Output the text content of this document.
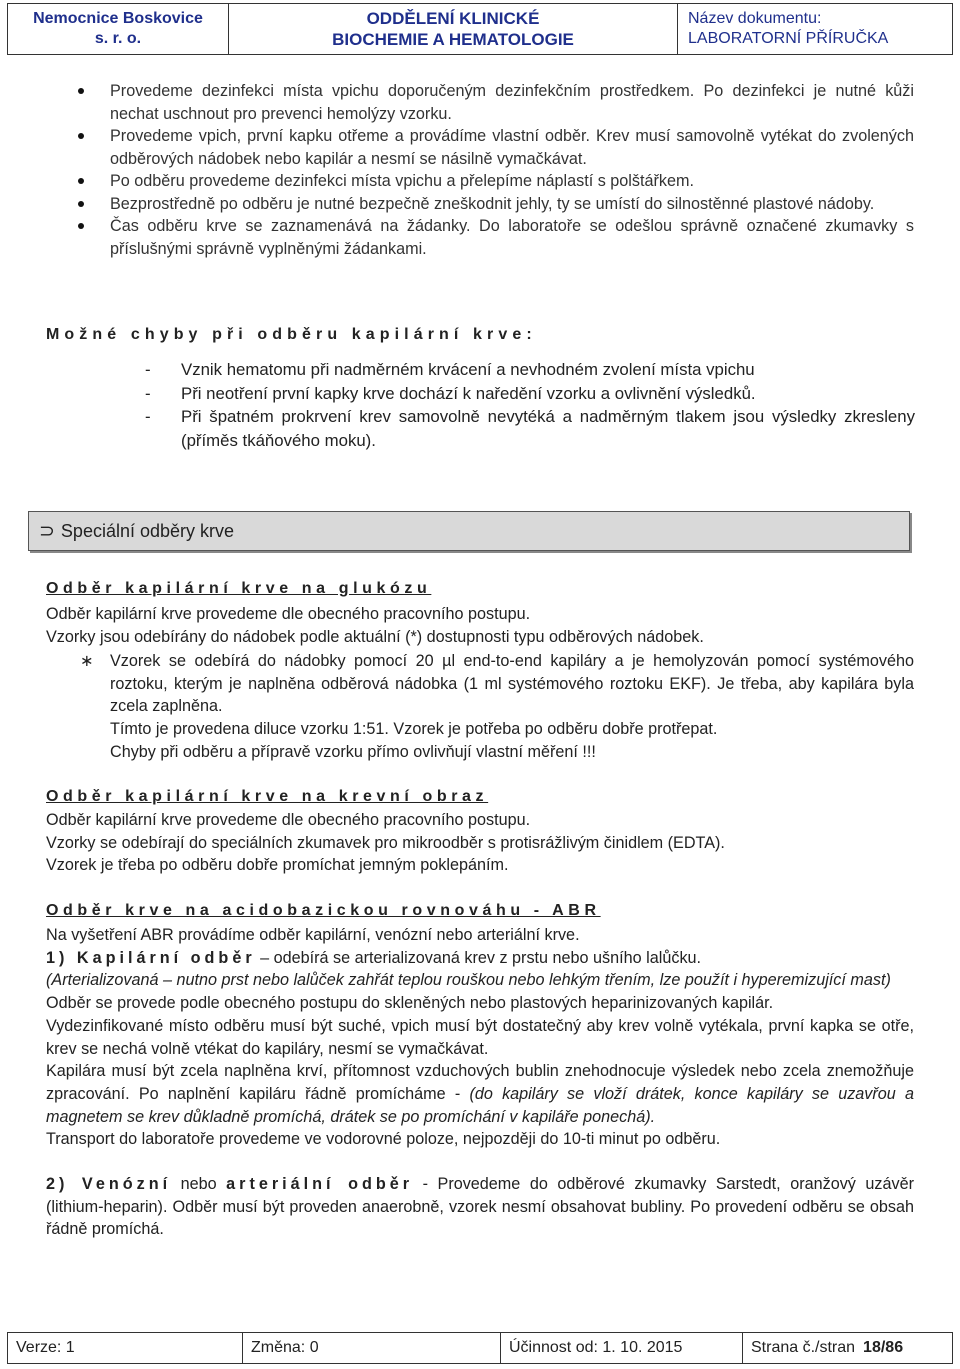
Nemocnice Boskovice
s. r. o.
ODDĚLENÍ KLINICKÉ
BIOCHEMIE A HEMATOLOGIE
Název dokumentu:
LABORATORNÍ PŘÍRUČKA
Provedeme dezinfekci místa vpichu doporučeným dezinfekčním prostředkem. Po dezinfekci je nutné kůži nechat uschnout pro prevenci hemolýzy vzorku.
Provedeme vpich, první kapku otřeme a provádíme vlastní odběr. Krev musí samovolně vytékat do zvolených odběrových nádobek nebo kapilár a nesmí se násilně vymačkávat.
Po odběru provedeme dezinfekci místa vpichu a přelepíme náplastí s polštářkem.
Bezprostředně po odběru je nutné bezpečně zneškodnit jehly, ty se umístí do silnostěnné plastové nádoby.
Čas odběru krve se zaznamenává na žádanky. Do laboratoře se odešlou správně označené zkumavky s příslušnými správně vyplněnými žádankami.
Možné chyby při odběru kapilární krve:
- Vznik hematomu při nadměrném krvácení a nevhodném zvolení místa vpichu
- Při neotření první kapky krve dochází k naředění vzorku a ovlivnění výsledků.
- Při špatném prokrvení krev samovolně nevytéká a nadměrným tlakem jsou výsledky zkresleny (příměs tkáňového moku).
⊃ Speciální odběry krve
Odběr kapilární krve na glukózu

Odběr kapilární krve provedeme dle obecného pracovního postupu.

Vzorky jsou odebírány do nádobek podle aktuální (*) dostupnosti typu odběrových nádobek.

∗ Vzorek se odebírá do nádobky pomocí 20 µl end-to-end kapiláry a je hemolyzován pomocí systémového roztoku, kterým je naplněna odběrová nádobka (1 ml systémového roztoku EKF). Je třeba, aby kapilára byla zcela zaplněna.

Tímto je provedena diluce vzorku 1:51. Vzorek je potřeba po odběru dobře protřepat.

Chyby při odběru a přípravě vzorku přímo ovlivňují vlastní měření !!!

Odběr kapilární krve na krevní obraz

Odběr kapilární krve provedeme dle obecného pracovního postupu.

Vzorky se odebírají do speciálních zkumavek pro mikroodběr s protisrážlivým činidlem (EDTA).

Vzorek je třeba po odběru dobře promíchat jemným poklepáním.

Odběr krve na acidobazickou rovnováhu - ABR

Na vyšetření ABR provádíme odběr kapilární, venózní nebo arteriální krve.

1) Kapilární odběr – odebírá se arterializovaná krev z prstu nebo ušního lalůčku.

(Arterializovaná – nutno prst nebo lalůček zahřát teplou rouškou nebo lehkým třením, lze použít i hyperemizující mast)

Odběr se provede podle obecného postupu do skleněných nebo plastových heparinizovaných kapilár.

Vydezinfikované místo odběru musí být suché, vpich musí být dostatečný aby krev volně vytékala, první kapka se otře, krev se nechá volně vtékat do kapiláry, nesmí se vymačkávat.

Kapilára musí být zcela naplněna krví, přítomnost vzduchových bublin znehodnocuje výsledek nebo zcela znemožňuje zpracování. Po naplnění kapiláru řádně promícháme - (do kapiláry se vloží drátek, konce kapiláry se uzavřou a magnetem se krev důkladně promíchá, drátek se po promíchání v kapiláře ponechá).

Transport do laboratoře provedeme ve vodorovné poloze, nejpozději do 10-ti minut po odběru.

2) Venózní nebo arteriální odběr - Provedeme do odběrové zkumavky Sarstedt, oranžový uzávěr (lithium-heparin). Odběr musí být proveden anaerobně, vzorek nesmí obsahovat bubliny. Po provedení odběru se obsah řádně promíchá.

Verze: 1	Změna: 0	Účinnost od: 1. 10. 2015	Strana č./stran 18/86
